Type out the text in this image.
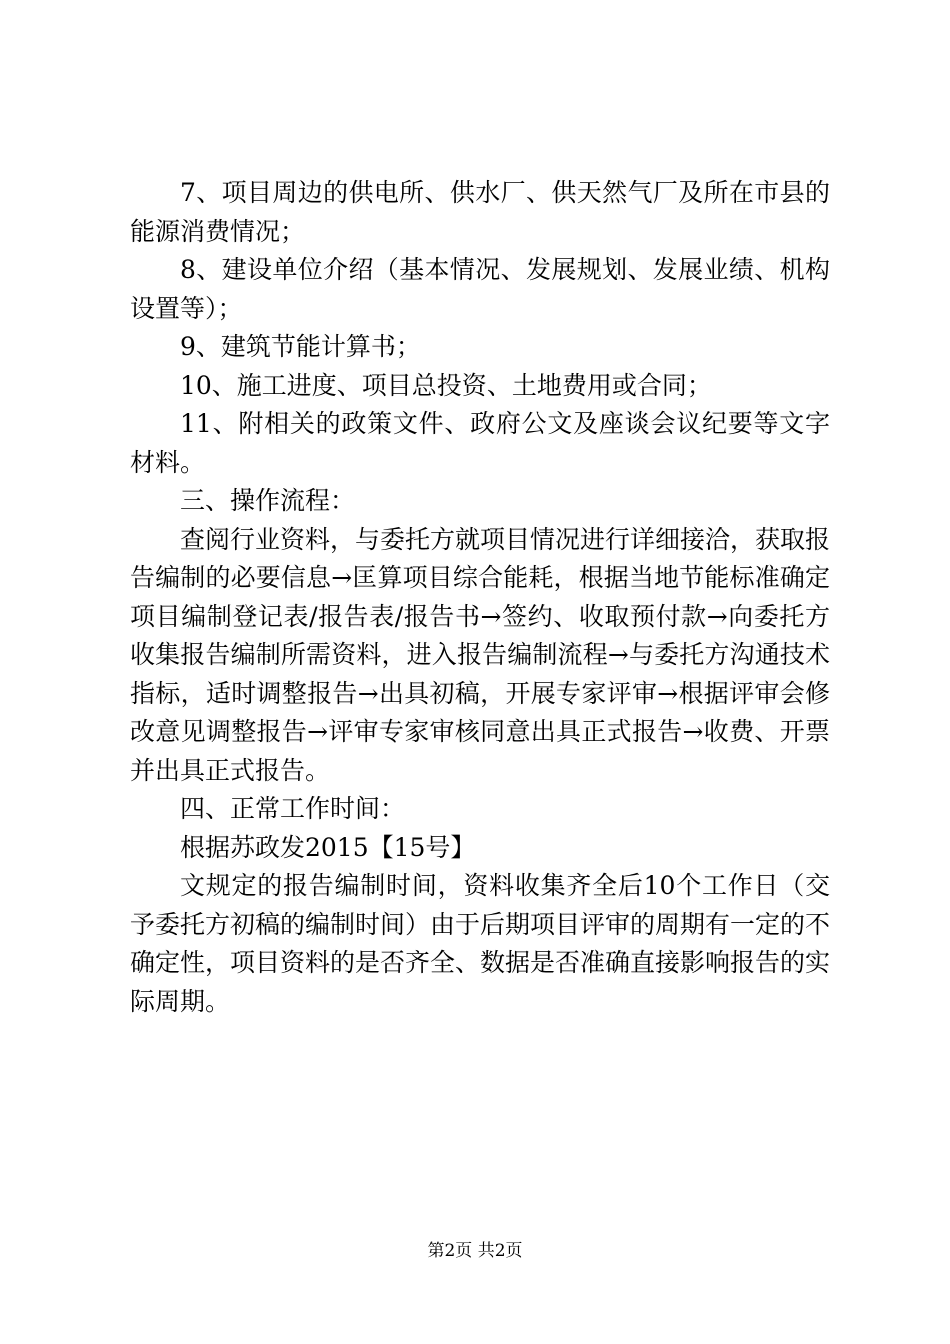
7、项目周边的供电所、供水厂、供天然气厂及所在市县的能源消费情况；

8、建设单位介绍（基本情况、发展规划、发展业绩、机构设置等）；

9、建筑节能计算书；

10、施工进度、项目总投资、土地费用或合同；

11、附相关的政策文件、政府公文及座谈会议纪要等文字材料。

三、操作流程：

查阅行业资料，与委托方就项目情况进行详细接洽，获取报告编制的必要信息→匡算项目综合能耗，根据当地节能标准确定项目编制登记表/报告表/报告书→签约、收取预付款→向委托方收集报告编制所需资料，进入报告编制流程→与委托方沟通技术指标，适时调整报告→出具初稿，开展专家评审→根据评审会修改意见调整报告→评审专家审核同意出具正式报告→收费、开票并出具正式报告。

四、正常工作时间：

根据苏政发2015【15号】

文规定的报告编制时间，资料收集齐全后10个工作日（交予委托方初稿的编制时间）由于后期项目评审的周期有一定的不确定性，项目资料的是否齐全、数据是否准确直接影响报告的实际周期。

第2页 共2页
